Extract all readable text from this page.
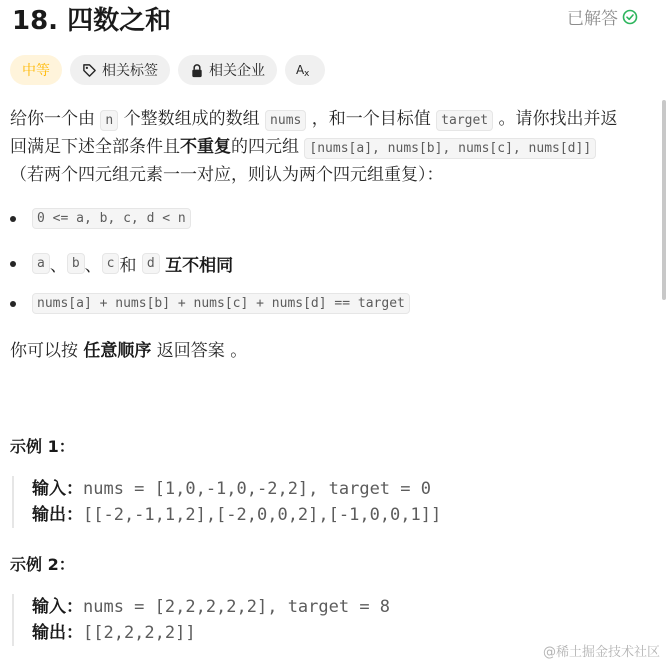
18. 四数之和	已解答
中等	相关标签	相关企业	A x
给你一个由 n 个整数组成的数组 nums ，和一个目标值 target 。请你找出并返回满足下述全部条件且不重复的四元组 [nums[a], nums[b], nums[c], nums[d]] （若两个四元组元素一一对应，则认为两个四元组重复）：
0 <= a, b, c, d < n
a 、 b 、 c 和
d
互不相同
nums[a] + nums[b] + nums[c] + nums[d] == target
你可以按 任意顺序 返回答案 。
示例 1：
输入：nums = [1,0,-1,0,-2,2], target = 0
输出：[[-2,-1,1,2],[-2,0,0,2],[-1,0,0,1]]
示例 2：
输入：nums = [2,2,2,2,2], target = 8
输出：[[2,2,2,2]]
@稀土掘金技术社区
